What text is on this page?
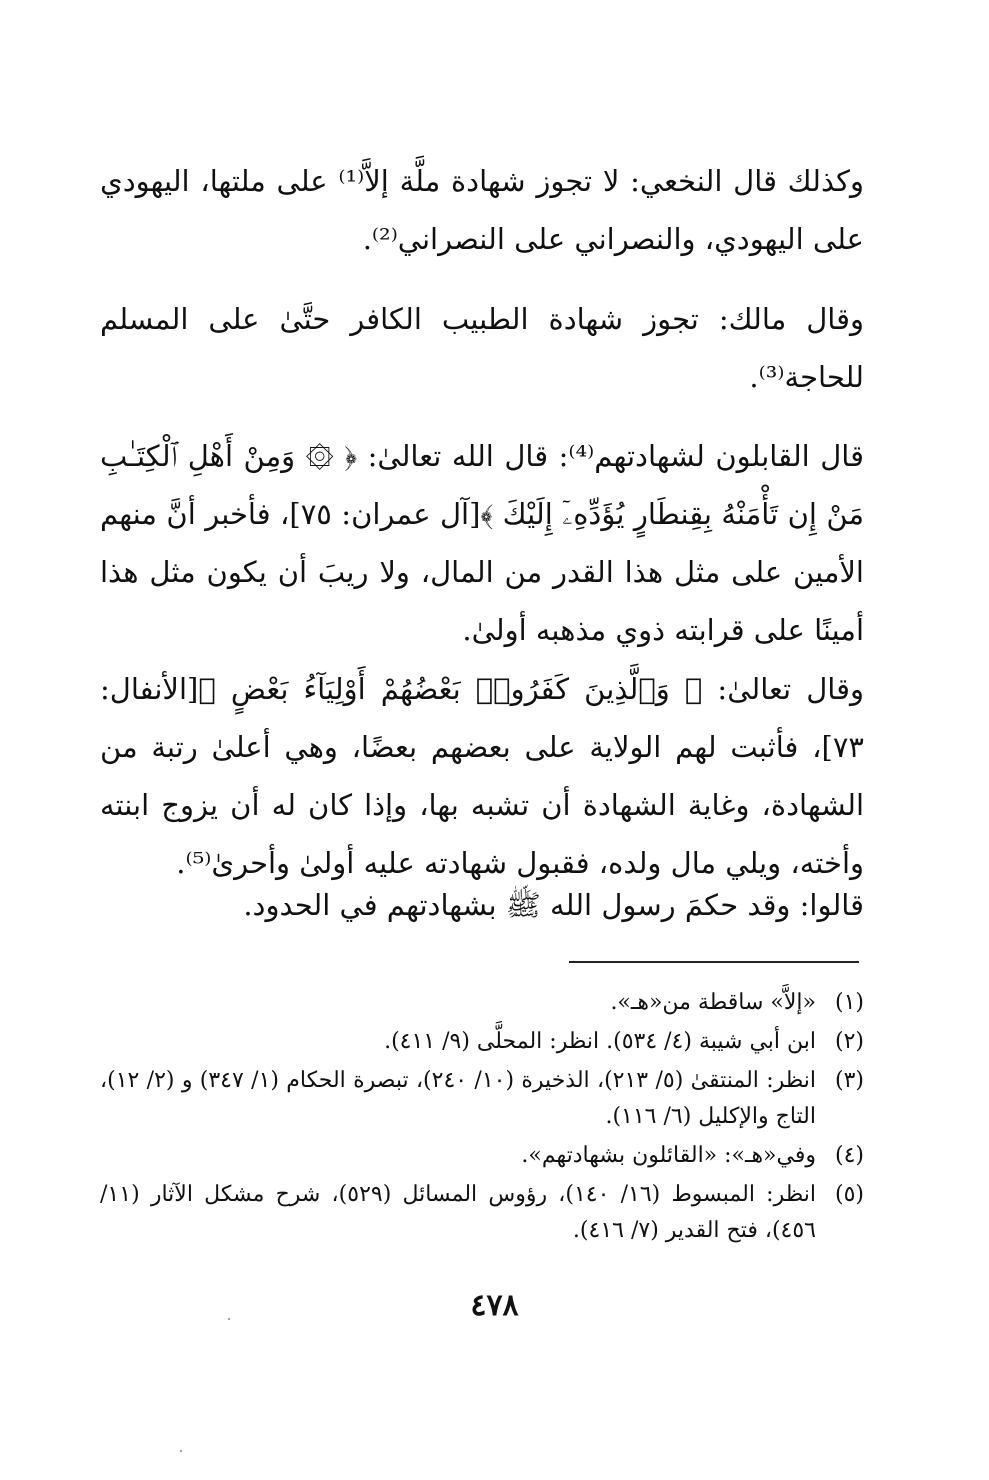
وكذلك قال النخعي: لا تجوز شهادة ملَّة إلاَّ⁽¹⁾ على ملتها، اليهودي على اليهودي، والنصراني على النصراني⁽²⁾.

وقال مالك: تجوز شهادة الطبيب الكافر حتَّىٰ على المسلم للحاجة⁽³⁾.

قال القابلون لشهادتهم⁽⁴⁾: قال الله تعالىٰ: ﴿ ۞ وَمِنْ أَهْلِ ٱلْكِتَـٰبِ مَنْ إِن تَأْمَنْهُ بِقِنطَارٍ يُؤَدِّهِۦٓ إِلَيْكَ ﴾[آل عمران: ٧٥]، فأخبر أنَّ منهم الأمين على مثل هذا القدر من المال، ولا ريبَ أن يكون مثل هذا أمينًا على قرابته ذوي مذهبه أولىٰ.

وقال تعالىٰ: ﴿ وَٱلَّذِينَ كَفَرُوا۟ بَعْضُهُمْ أَوْلِيَآءُ بَعْضٍ ﴾[الأنفال: ٧٣]، فأثبت لهم الولاية على بعضهم بعضًا، وهي أعلىٰ رتبة من الشهادة، وغاية الشهادة أن تشبه بها، وإذا كان له أن يزوج ابنته وأخته، ويلي مال ولده، فقبول شهادته عليه أولىٰ وأحرىٰ⁽⁵⁾.

قالوا: وقد حكمَ رسول الله ﷺ بشهادتهم في الحدود.

(١)
«إلاَّ» ساقطة من«هـ».
(٢)
ابن أبي شيبة (٤/ ٥٣٤). انظر: المحلَّى (٩/ ٤١١).
(٣)
انظر: المنتقىٰ (٥/ ٢١٣)، الذخيرة (١٠/ ٢٤٠)، تبصرة الحكام (١/ ٣٤٧) و (٢/ ١٢)، التاج والإكليل (٦/ ١١٦).
(٤)
وفي«هـ»: «القائلون بشهادتهم».
(٥)
انظر: المبسوط (١٦/ ١٤٠)، رؤوس المسائل (٥٢٩)، شرح مشكل الآثار (١١/ ٤٥٦)، فتح القدير (٧/ ٤١٦).
٤٧٨
